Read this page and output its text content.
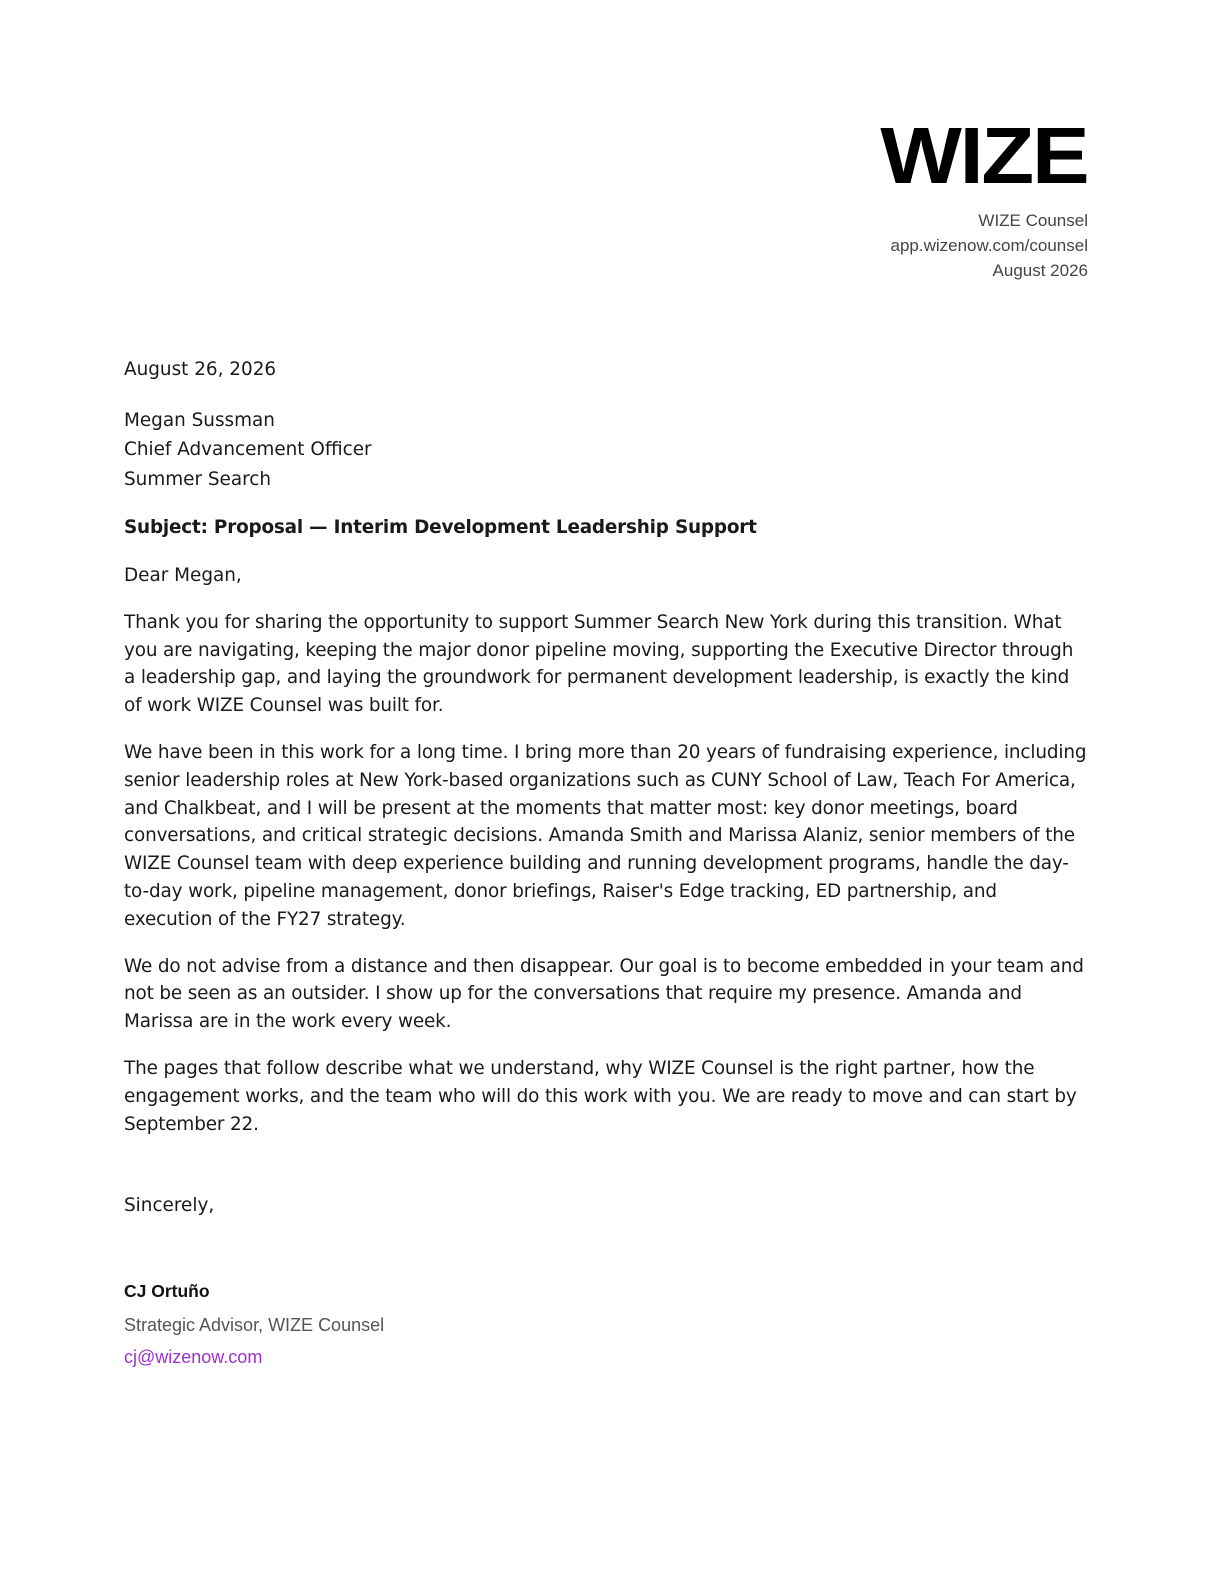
WIZE
WIZE Counsel
app.wizenow.com/counsel
August 2026
August 26, 2026
Megan Sussman
Chief Advancement Officer
Summer Search
Subject: Proposal — Interim Development Leadership Support
Dear Megan,

Thank you for sharing the opportunity to support Summer Search New York during this transition. What you are navigating, keeping the major donor pipeline moving, supporting the Executive Director through a leadership gap, and laying the groundwork for permanent development leadership, is exactly the kind of work WIZE Counsel was built for.

We have been in this work for a long time. I bring more than 20 years of fundraising experience, including senior leadership roles at New York-based organizations such as CUNY School of Law, Teach For America, and Chalkbeat, and I will be present at the moments that matter most: key donor meetings, board conversations, and critical strategic decisions. Amanda Smith and Marissa Alaniz, senior members of the WIZE Counsel team with deep experience building and running development programs, handle the day-to-day work, pipeline management, donor briefings, Raiser's Edge tracking, ED partnership, and execution of the FY27 strategy.

We do not advise from a distance and then disappear. Our goal is to become embedded in your team and not be seen as an outsider. I show up for the conversations that require my presence. Amanda and Marissa are in the work every week.

The pages that follow describe what we understand, why WIZE Counsel is the right partner, how the engagement works, and the team who will do this work with you. We are ready to move and can start by September 22.

Sincerely,
CJ Ortuño
Strategic Advisor, WIZE Counsel
cj@wizenow.com
